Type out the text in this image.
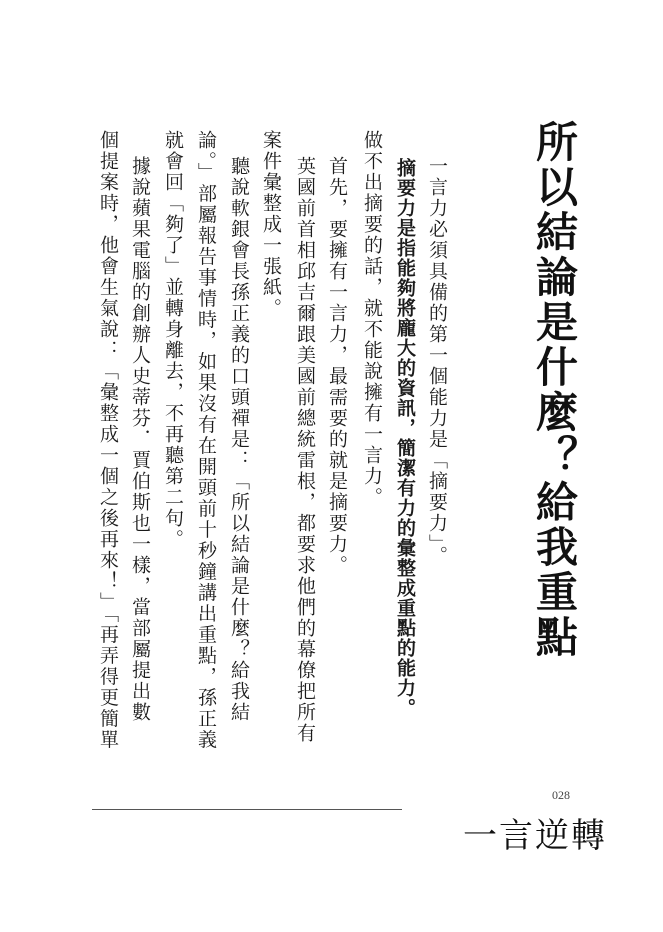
所以結論是什麼？給我重點

一言力必須具備的第一個能力是「摘要力」。

摘要力是指能夠將龐大的資訊，簡潔有力的彙整成重點的能力。

做不出摘要的話，就不能說擁有一言力。

首先，要擁有一言力，最需要的就是摘要力。

英國前首相邱吉爾跟美國前總統雷根，都要求他們的幕僚把所有

案件彙整成一張紙。

聽說軟銀會長孫正義的口頭禪是：「所以結論是什麼？給我結

論。」部屬報告事情時，如果沒有在開頭前十秒鐘講出重點，孫正義

就會回「夠了」並轉身離去，不再聽第二句。

據說蘋果電腦的創辦人史蒂芬．賈伯斯也一樣，當部屬提出數

個提案時，他會生氣說：「彙整成一個之後再來！」「再弄得更簡單

028
一言逆轉
